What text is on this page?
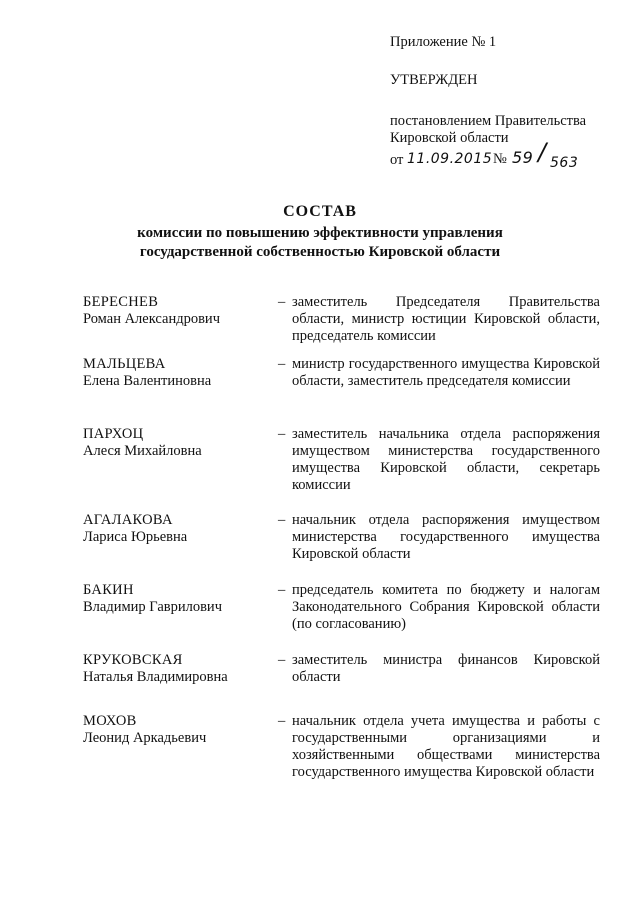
Приложение № 1
УТВЕРЖДЕН
постановлением Правительства
Кировской области
от 11.09.2015 № 59 / 563
СОСТАВ
комиссии по повышению эффективности управления
государственной собственностью Кировской области
БЕРЕСНЕВ
Роман Александрович
– заместитель Председателя Правительства области, министр юстиции Кировской области, председатель комиссии
МАЛЬЦЕВА
Елена Валентиновна
– министр государственного имущества Кировской области, заместитель председателя комиссии
ПАРХОЦ
Алеся Михайловна
– заместитель начальника отдела распоряжения имуществом министерства государственного имущества Кировской области, секретарь комиссии
АГАЛАКОВА
Лариса Юрьевна
– начальник отдела распоряжения имуществом министерства государственного имущества Кировской области
БАКИН
Владимир Гаврилович
– председатель комитета по бюджету и налогам Законодательного Собрания Кировской области (по согласованию)
КРУКОВСКАЯ
Наталья Владимировна
– заместитель министра финансов Кировской области
МОХОВ
Леонид Аркадьевич
– начальник отдела учета имущества и работы с государственными организациями и хозяйственными обществами министерства государственного имущества Кировской области
